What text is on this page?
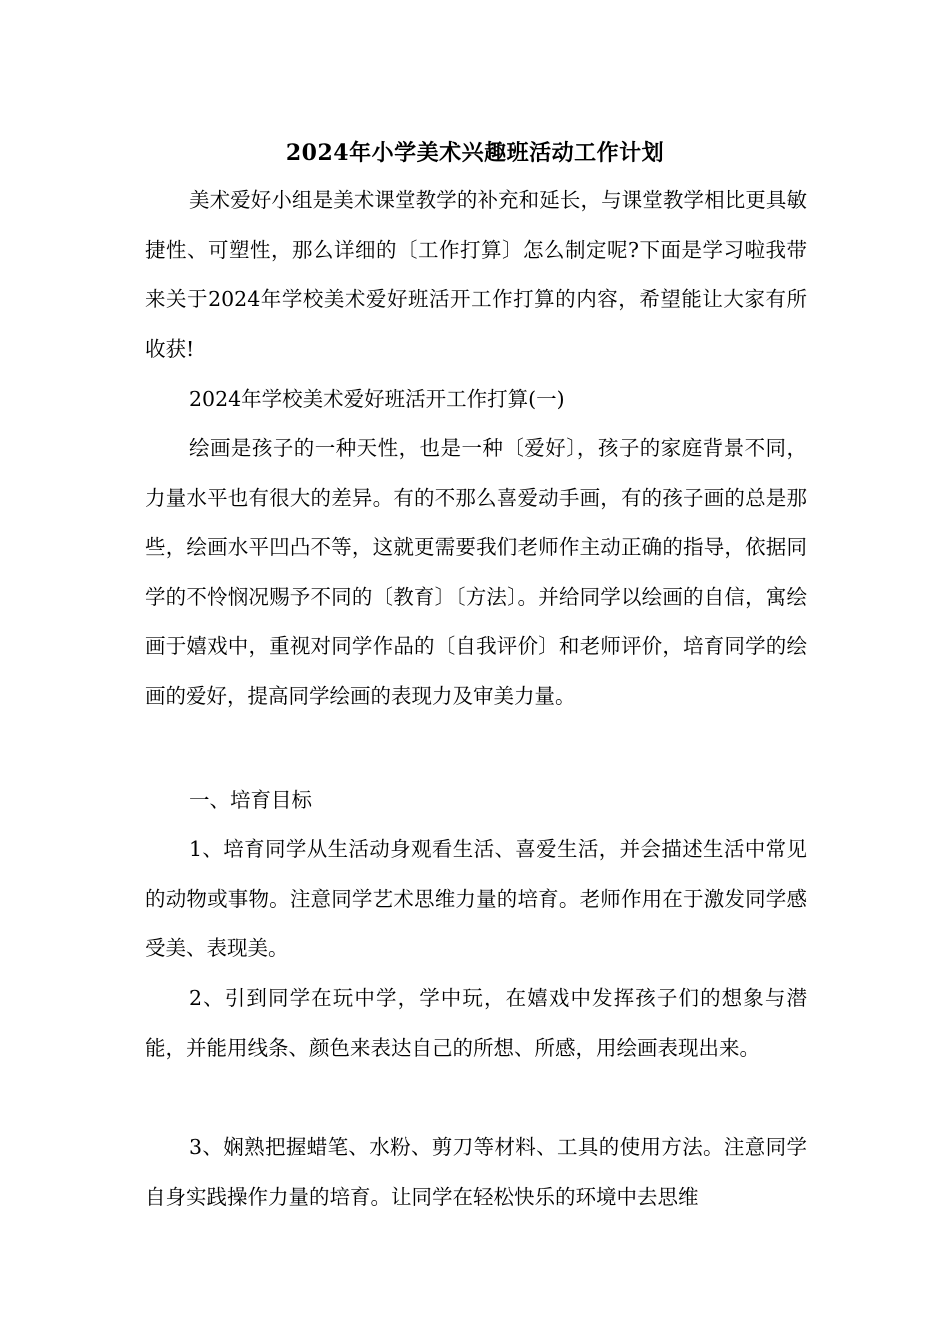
2024年小学美术兴趣班活动工作计划

美术爱好小组是美术课堂教学的补充和延长，与课堂教学相比更具敏捷性、可塑性，那么详细的〔工作打算〕怎么制定呢?下面是学习啦我带来关于2024年学校美术爱好班活开工作打算的内容，希望能让大家有所收获!

2024年学校美术爱好班活开工作打算(一)

绘画是孩子的一种天性，也是一种〔爱好〕，孩子的家庭背景不同，力量水平也有很大的差异。有的不那么喜爱动手画，有的孩子画的总是那些，绘画水平凹凸不等，这就更需要我们老师作主动正确的指导，依据同学的不怜悯况赐予不同的〔教育〕〔方法〕。并给同学以绘画的自信，寓绘画于嬉戏中，重视对同学作品的〔自我评价〕和老师评价，培育同学的绘画的爱好，提高同学绘画的表现力及审美力量。

一、培育目标

1、培育同学从生活动身观看生活、喜爱生活，并会描述生活中常见的动物或事物。注意同学艺术思维力量的培育。老师作用在于激发同学感受美、表现美。

2、引到同学在玩中学，学中玩，在嬉戏中发挥孩子们的想象与潜能，并能用线条、颜色来表达自己的所想、所感，用绘画表现出来。

3、娴熟把握蜡笔、水粉、剪刀等材料、工具的使用方法。注意同学自身实践操作力量的培育。让同学在轻松快乐的环境中去思维
